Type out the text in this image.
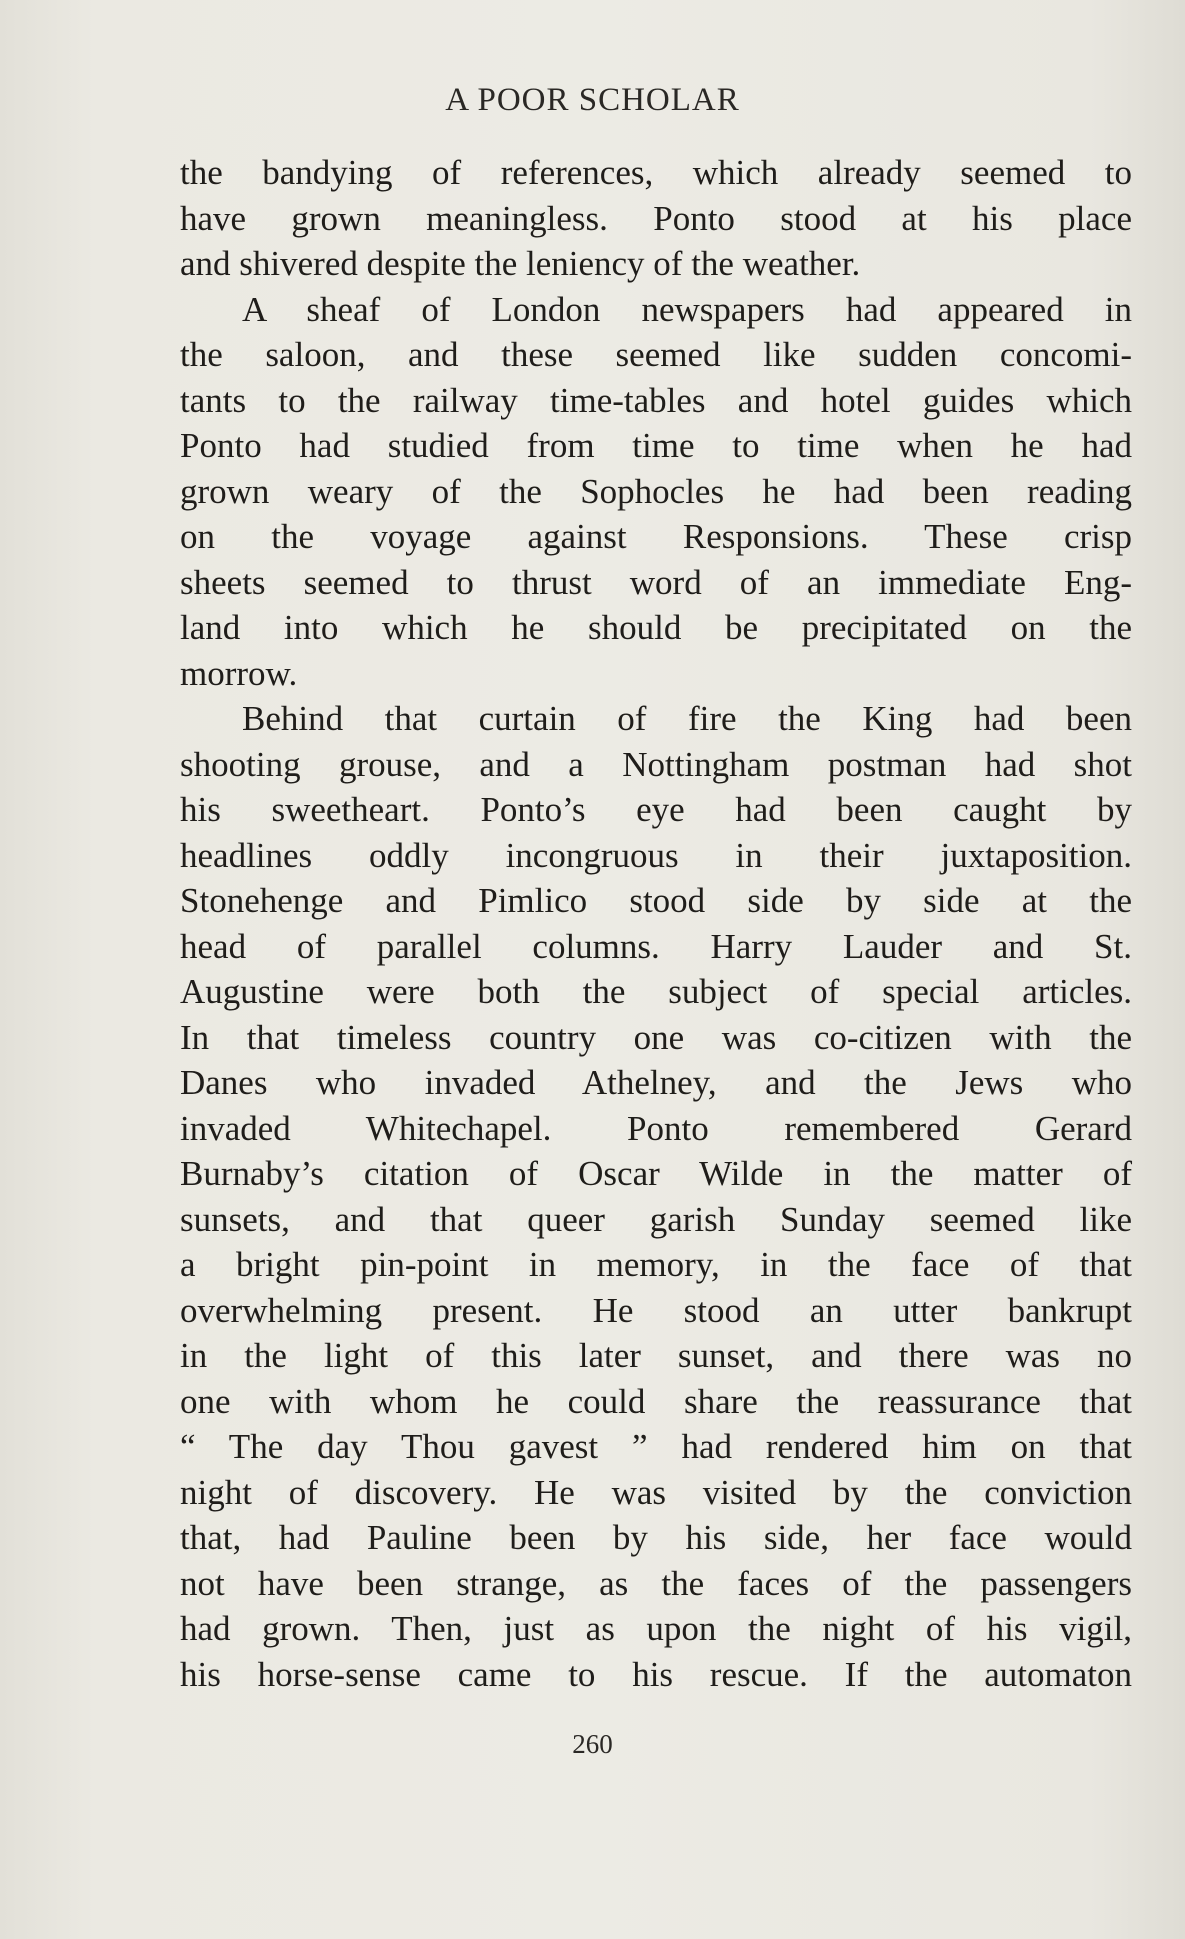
A POOR SCHOLAR
the bandying of references, which already seemed to
have grown meaningless. Ponto stood at his place
and shivered despite the leniency of the weather.
A sheaf of London newspapers had appeared in
the saloon, and these seemed like sudden concomi-
tants to the railway time-tables and hotel guides which
Ponto had studied from time to time when he had
grown weary of the Sophocles he had been reading
on the voyage against Responsions. These crisp
sheets seemed to thrust word of an immediate Eng-
land into which he should be precipitated on the
morrow.
Behind that curtain of fire the King had been
shooting grouse, and a Nottingham postman had shot
his sweetheart. Ponto’s eye had been caught by
headlines oddly incongruous in their juxtaposition.
Stonehenge and Pimlico stood side by side at the
head of parallel columns. Harry Lauder and St.
Augustine were both the subject of special articles.
In that timeless country one was co-citizen with the
Danes who invaded Athelney, and the Jews who
invaded Whitechapel. Ponto remembered Gerard
Burnaby’s citation of Oscar Wilde in the matter of
sunsets, and that queer garish Sunday seemed like
a bright pin-point in memory, in the face of that
overwhelming present. He stood an utter bankrupt
in the light of this later sunset, and there was no
one with whom he could share the reassurance that
“ The day Thou gavest ” had rendered him on that
night of discovery. He was visited by the conviction
that, had Pauline been by his side, her face would
not have been strange, as the faces of the passengers
had grown. Then, just as upon the night of his vigil,
his horse-sense came to his rescue. If the automaton
260
